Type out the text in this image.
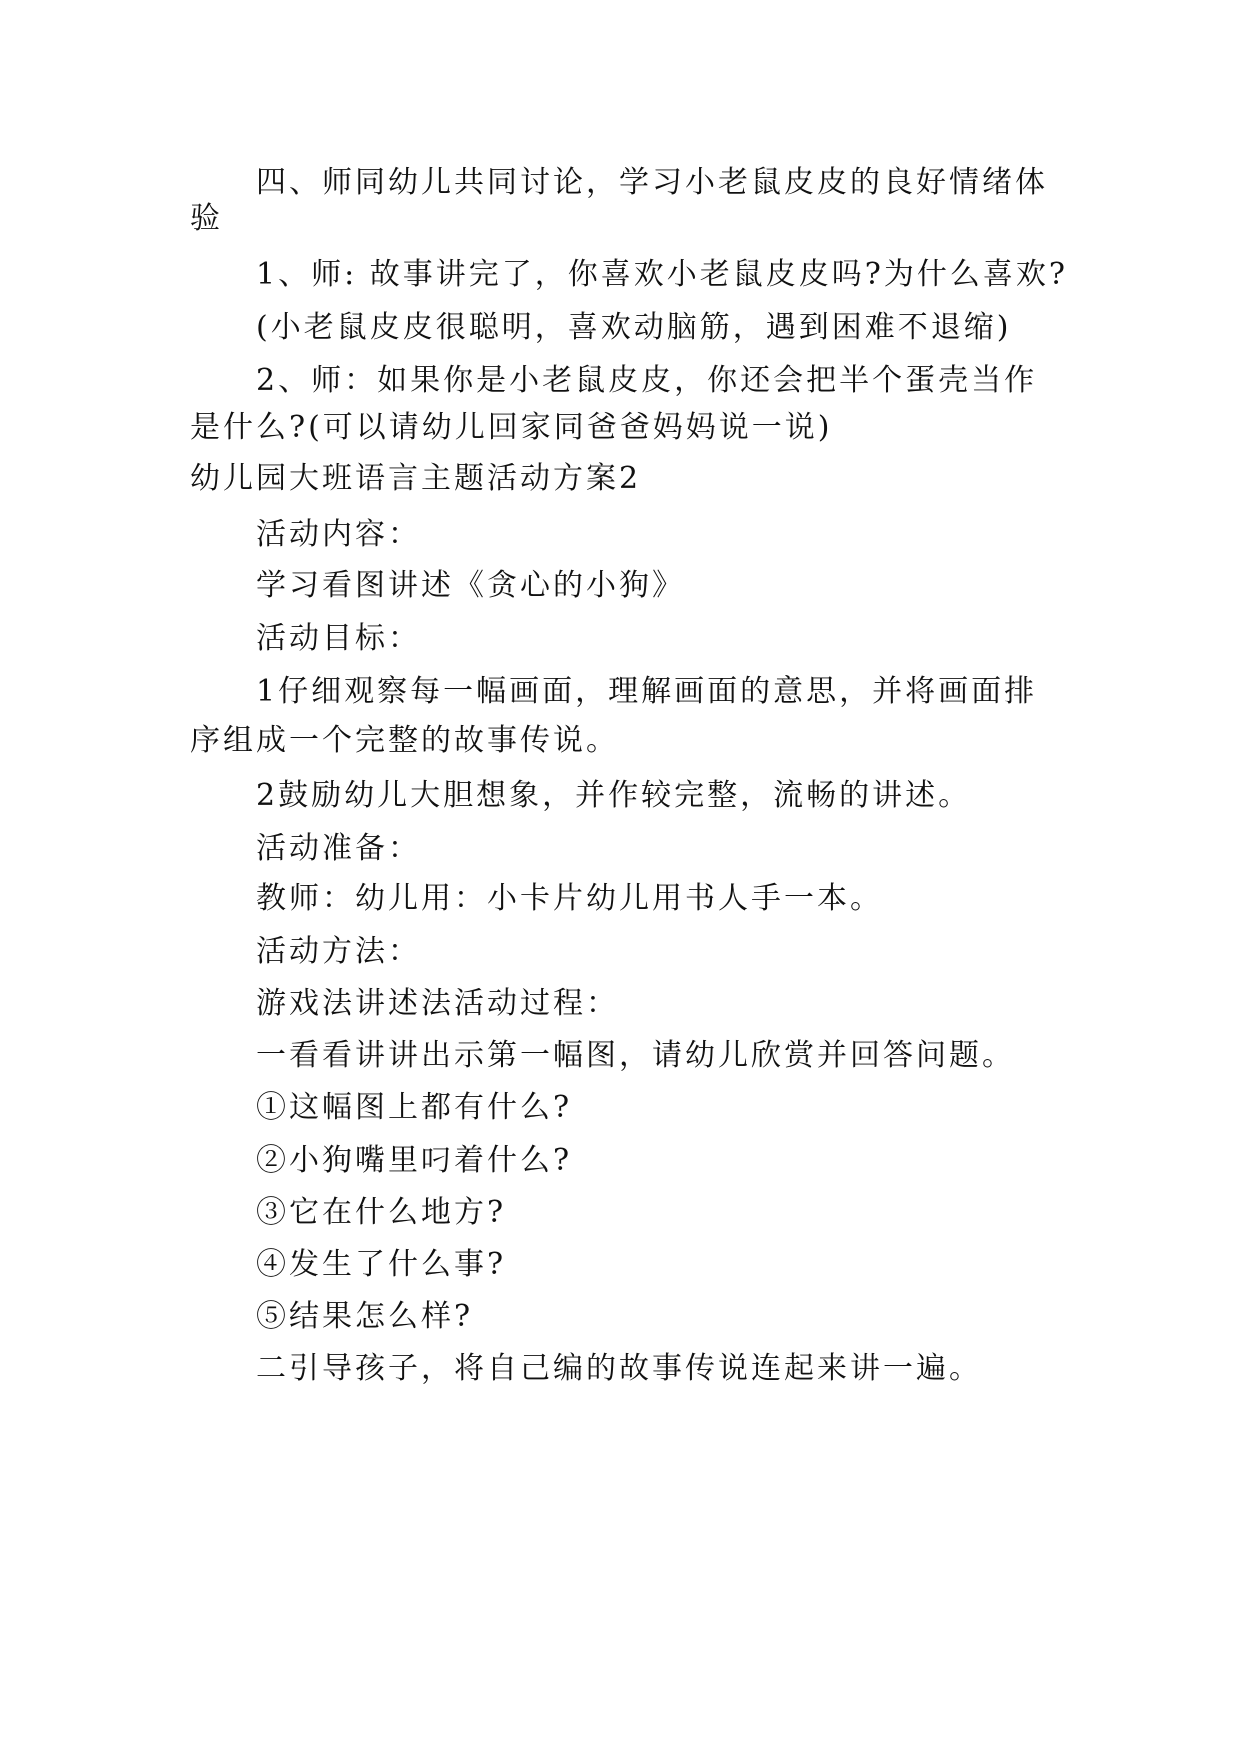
四、师同幼儿共同讨论，学习小老鼠皮皮的良好情绪体
验
1、师: 故事讲完了，你喜欢小老鼠皮皮吗?为什么喜欢?
(小老鼠皮皮很聪明，喜欢动脑筋，遇到困难不退缩)
2、师：如果你是小老鼠皮皮，你还会把半个蛋壳当作
是什么?(可以请幼儿回家同爸爸妈妈说一说)
幼儿园大班语言主题活动方案2
活动内容：
学习看图讲述《贪心的小狗》
活动目标：
1仔细观察每一幅画面，理解画面的意思，并将画面排
序组成一个完整的故事传说。
2鼓励幼儿大胆想象，并作较完整，流畅的讲述。
活动准备：
教师：幼儿用：小卡片幼儿用书人手一本。
活动方法：
游戏法讲述法活动过程：
一看看讲讲出示第一幅图，请幼儿欣赏并回答问题。
①这幅图上都有什么?
②小狗嘴里叼着什么?
③它在什么地方?
④发生了什么事?
⑤结果怎么样?
二引导孩子，将自己编的故事传说连起来讲一遍。
